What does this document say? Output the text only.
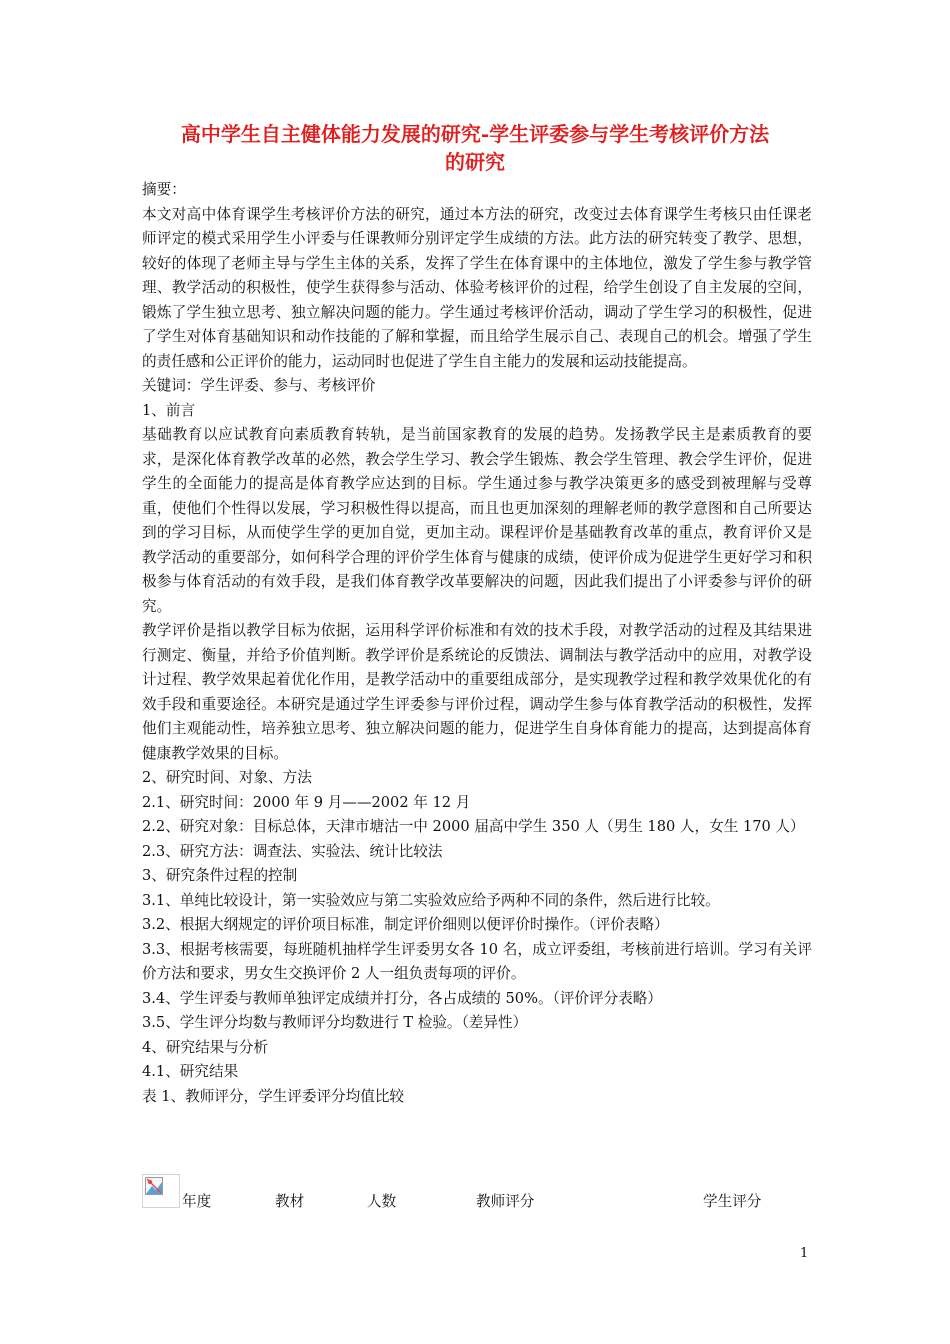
高中学生自主健体能力发展的研究-学生评委参与学生考核评价方法
的研究

摘要：

本文对高中体育课学生考核评价方法的研究，通过本方法的研究，改变过去体育课学生考核只由任课老师评定的模式采用学生小评委与任课教师分别评定学生成绩的方法。此方法的研究转变了教学、思想，较好的体现了老师主导与学生主体的关系，发挥了学生在体育课中的主体地位，激发了学生参与教学管理、教学活动的积极性，使学生获得参与活动、体验考核评价的过程，给学生创设了自主发展的空间，锻炼了学生独立思考、独立解决问题的能力。学生通过考核评价活动，调动了学生学习的积极性，促进了学生对体育基础知识和动作技能的了解和掌握，而且给学生展示自己、表现自己的机会。增强了学生的责任感和公正评价的能力，运动同时也促进了学生自主能力的发展和运动技能提高。

关键词：学生评委、参与、考核评价

1、前言

基础教育以应试教育向素质教育转轨，是当前国家教育的发展的趋势。发扬教学民主是素质教育的要求，是深化体育教学改革的必然，教会学生学习、教会学生锻炼、教会学生管理、教会学生评价，促进学生的全面能力的提高是体育教学应达到的目标。学生通过参与教学决策更多的感受到被理解与受尊重，使他们个性得以发展，学习积极性得以提高，而且也更加深刻的理解老师的教学意图和自己所要达到的学习目标，从而使学生学的更加自觉，更加主动。课程评价是基础教育改革的重点，教育评价又是教学活动的重要部分，如何科学合理的评价学生体育与健康的成绩，使评价成为促进学生更好学习和积极参与体育活动的有效手段，是我们体育教学改革要解决的问题，因此我们提出了小评委参与评价的研究。

教学评价是指以教学目标为依据，运用科学评价标准和有效的技术手段，对教学活动的过程及其结果进行测定、衡量，并给予价值判断。教学评价是系统论的反馈法、调制法与教学活动中的应用，对教学设计过程、教学效果起着优化作用，是教学活动中的重要组成部分，是实现教学过程和教学效果优化的有效手段和重要途径。本研究是通过学生评委参与评价过程，调动学生参与体育教学活动的积极性，发挥他们主观能动性，培养独立思考、独立解决问题的能力，促进学生自身体育能力的提高，达到提高体育健康教学效果的目标。

2、研究时间、对象、方法

2.1、研究时间：2000 年 9 月——2002 年 12 月

2.2、研究对象：目标总体，天津市塘沽一中 2000 届高中学生 350 人（男生 180 人，女生 170 人）

2.3、研究方法：调查法、实验法、统计比较法

3、研究条件过程的控制

3.1、单纯比较设计，第一实验效应与第二实验效应给予两种不同的条件，然后进行比较。

3.2、根据大纲规定的评价项目标准，制定评价细则以便评价时操作。（评价表略）

3.3、根据考核需要，每班随机抽样学生评委男女各 10 名，成立评委组，考核前进行培训。学习有关评价方法和要求，男女生交换评价 2 人一组负责每项的评价。

3.4、学生评委与教师单独评定成绩并打分，各占成绩的 50%。（评价评分表略）

3.5、学生评分均数与教师评分均数进行 T 检验。（差异性）

4、研究结果与分析

4.1、研究结果

表 1、教师评分，学生评委评分均值比较

年度	教材	人数	教师评分	学生评分
1
